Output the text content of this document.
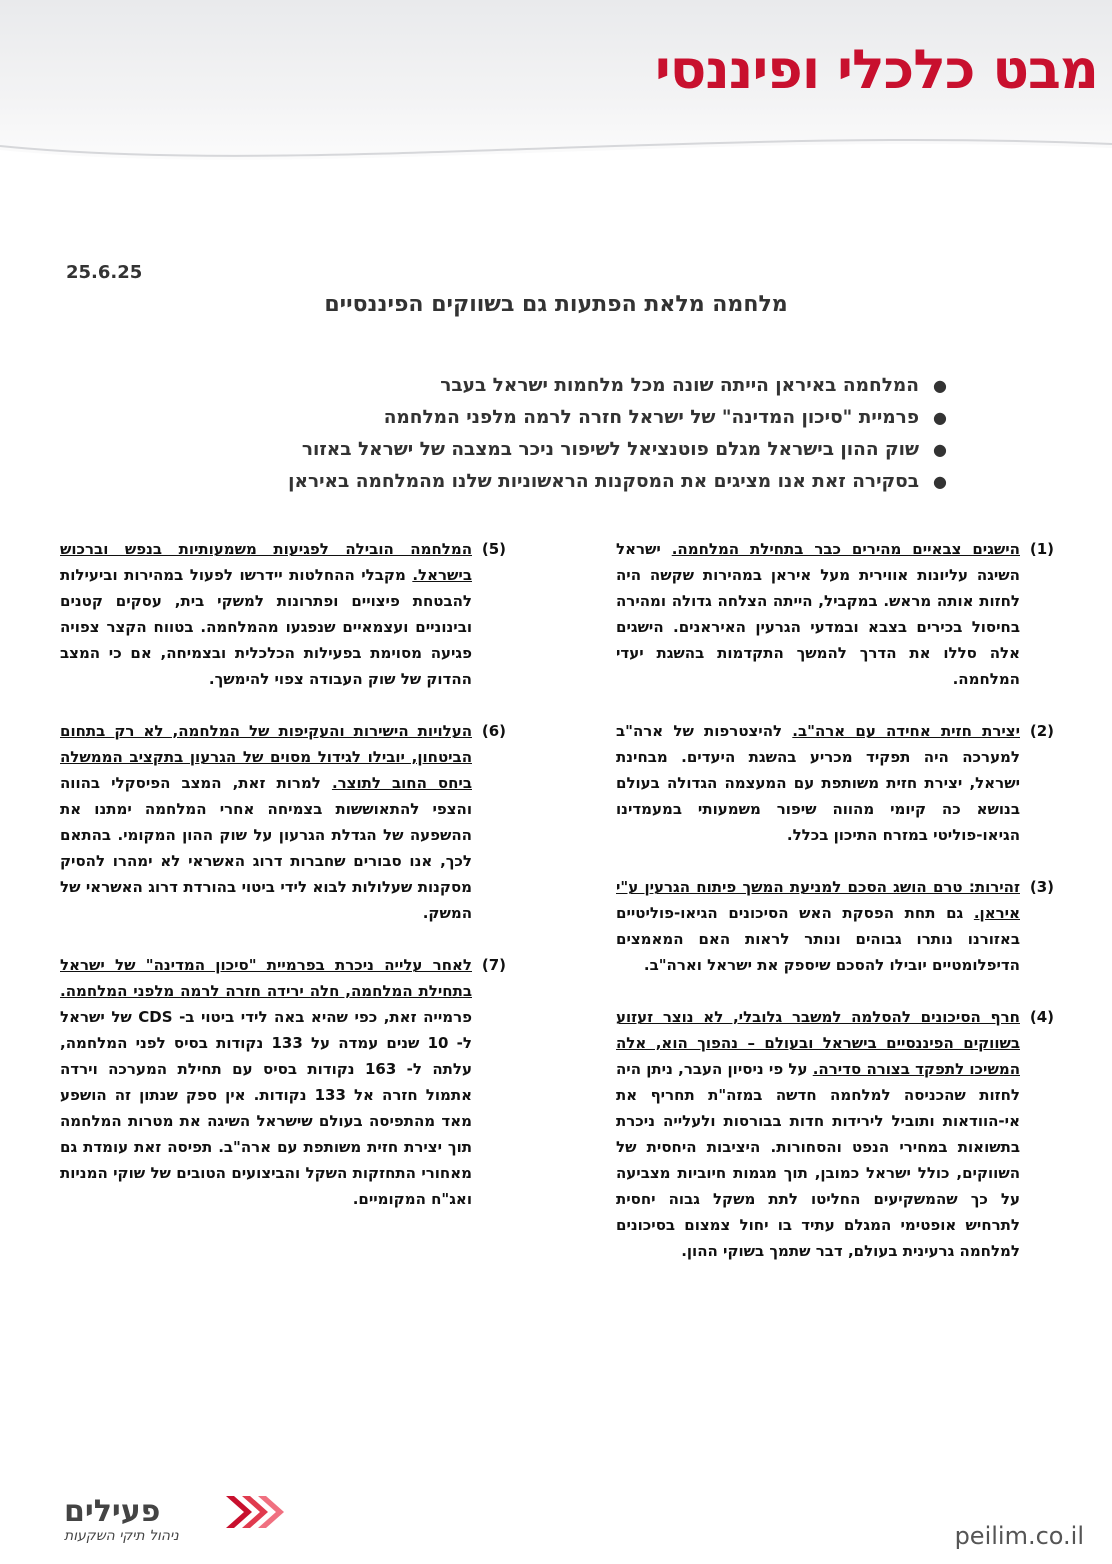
מבט כלכלי ופיננסי
25.6.25
מלחמה מלאת הפתעות גם בשווקים הפיננסיים
●
המלחמה באיראן הייתה שונה מכל מלחמות ישראל בעבר
●
פרמיית "סיכון המדינה" של ישראל חזרה לרמה מלפני המלחמה
●
שוק ההון בישראל מגלם פוטנציאל לשיפור ניכר במצבה של ישראל באזור
●
בסקירה זאת אנו מציגים את המסקנות הראשוניות שלנו מהמלחמה באיראן
(1)
הישגים צבאיים מהירים כבר בתחילת המלחמה. ישראל השיגה עליונות אווירית מעל איראן במהירות שקשה היה לחזות אותה מראש. במקביל, הייתה הצלחה גדולה ומהירה בחיסול בכירים בצבא ובמדעי הגרעין האיראנים. הישגים אלה סללו את הדרך להמשך התקדמות בהשגת יעדי המלחמה.
(2)
יצירת חזית אחידה עם ארה"ב. להיצטרפות של ארה"ב למערכה היה תפקיד מכריע בהשגת היעדים. מבחינת ישראל, יצירת חזית משותפת עם המעצמה הגדולה בעולם בנושא כה קיומי מהווה שיפור משמעותי במעמדינו הגיאו-פוליטי במזרח התיכון בכלל.
(3)
זהירות: טרם הושג הסכם למניעת המשך פיתוח הגרעין ע"י איראן. גם תחת הפסקת האש הסיכונים הגיאו-פוליטיים באזורנו נותרו גבוהים ונותר לראות האם המאמצים הדיפלומטיים יובילו להסכם שיספק את ישראל וארה"ב.
(4)
חרף הסיכונים להסלמה למשבר גלובלי, לא נוצר זעזוע בשווקים הפיננסיים בישראל ובעולם – נהפוך הוא, אלה המשיכו לתפקד בצורה סדירה. על פי ניסיון העבר, ניתן היה לחזות שהכניסה למלחמה חדשה במזה"ת תחריף את אי-הוודאות ותוביל לירידות חדות בבורסות ולעלייה ניכרת בתשואות במחירי הנפט והסחורות. היציבות היחסית של השווקים, כולל ישראל כמובן, תוך מגמות חיוביות מצביעה על כך שהמשקיעים החליטו לתת משקל גבוה יחסית לתרחיש אופטימי המגלם עתיד בו יחול צמצום בסיכונים למלחמה גרעינית בעולם, דבר שתמך בשוקי ההון.
(5)
המלחמה הובילה לפגיעות משמעותיות בנפש וברכוש בישראל. מקבלי ההחלטות יידרשו לפעול במהירות וביעילות להבטחת פיצויים ופתרונות למשקי בית, עסקים קטנים ובינוניים ועצמאיים שנפגעו מהמלחמה. בטווח הקצר צפויה פגיעה מסוימת בפעילות הכלכלית ובצמיחה, אם כי המצב ההדוק של שוק העבודה צפוי להימשך.
(6)
העלויות הישירות והעקיפות של המלחמה, לא רק בתחום הביטחון, יובילו לגידול מסוים של הגרעון בתקציב הממשלה ביחס החוב לתוצר. למרות זאת, המצב הפיסקלי בהווה והצפי להתאוששות בצמיחה אחרי המלחמה ימתנו את ההשפעה של הגדלת הגרעון על שוק ההון המקומי. בהתאם לכך, אנו סבורים שחברות דרוג האשראי לא ימהרו להסיק מסקנות שעלולות לבוא לידי ביטוי בהורדת דרוג האשראי של המשק.
(7)
לאחר עלייה ניכרת בפרמיית "סיכון המדינה" של ישראל בתחילת המלחמה, חלה ירידה חזרה לרמה מלפני המלחמה. פרמייה זאת, כפי שהיא באה לידי ביטוי ב- CDS של ישראל ל- 10 שנים עמדה על 133 נקודות בסיס לפני המלחמה, עלתה ל- 163 נקודות בסיס עם תחילת המערכה וירדה אתמול חזרה אל 133 נקודות. אין ספק שנתון זה הושפע מאד מהתפיסה בעולם שישראל השיגה את מטרות המלחמה תוך יצירת חזית משותפת עם ארה"ב. תפיסה זאת עומדת גם מאחורי התחזקות השקל והביצועים הטובים של שוקי המניות ואג"ח המקומיים.
פעילים
ניהול תיקי השקעות	peilim.co.il
